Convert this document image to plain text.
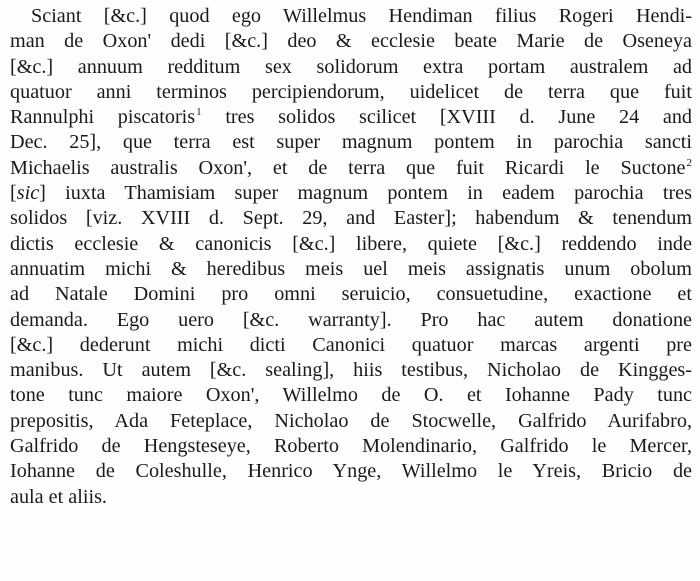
Sciant [&c.] quod ego Willelmus Hendiman filius Rogeri Hendi-
man de Oxon' dedi [&c.] deo & ecclesie beate Marie de Oseneya
[&c.] annuum redditum sex solidorum extra portam australem ad
quatuor anni terminos percipiendorum, uidelicet de terra que fuit
Rannulphi piscatoris$^1$ tres solidos scilicet [XVIII d. June 24 and
Dec. 25], que terra est super magnum pontem in parochia sancti
Michaelis australis Oxon', et de terra que fuit Ricardi le Suctone$^2$
[sic] iuxta Thamisiam super magnum pontem in eadem parochia tres
solidos [viz. XVIII d. Sept. 29, and Easter]; habendum & tenendum
dictis ecclesie & canonicis [&c.] libere, quiete [&c.] reddendo inde
annuatim michi & heredibus meis uel meis assignatis unum obolum
ad Natale Domini pro omni seruicio, consuetudine, exactione et
demanda. Ego uero [&c. warranty]. Pro hac autem donatione
[&c.] dederunt michi dicti Canonici quatuor marcas argenti pre
manibus. Ut autem [&c. sealing], hiis testibus, Nicholao de Kingges-
tone tunc maiore Oxon', Willelmo de O. et Iohanne Pady tunc
prepositis, Ada Feteplace, Nicholao de Stocwelle, Galfrido Aurifabro,
Galfrido de Hengsteseye, Roberto Molendinario, Galfrido le Mercer,
Iohanne de Coleshulle, Henrico Ynge, Willelmo le Yreis, Bricio de
aula et aliis.
